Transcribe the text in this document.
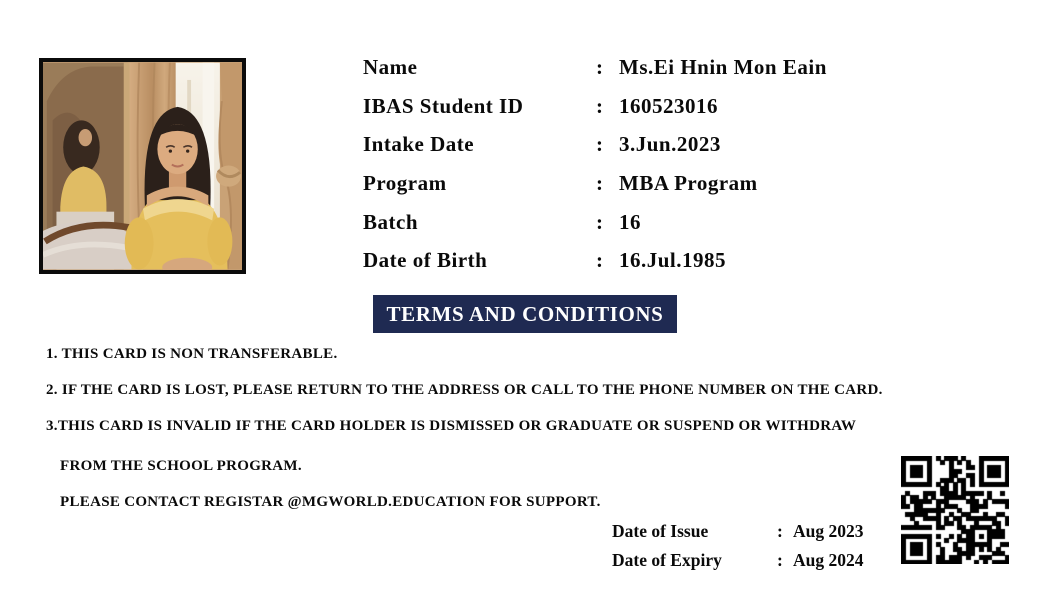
Name	: Ms.Ei Hnin Mon Eain
IBAS Student ID	: 160523016
Intake Date	: 3.Jun.2023
Program	: MBA Program
Batch	: 16
Date of Birth	: 16.Jul.1985
TERMS AND CONDITIONS
1. THIS CARD IS NON TRANSFERABLE.
2. IF THE CARD IS LOST, PLEASE RETURN TO THE ADDRESS OR CALL TO THE PHONE NUMBER ON THE CARD.
3.THIS CARD IS INVALID IF THE CARD HOLDER IS DISMISSED OR GRADUATE OR SUSPEND OR WITHDRAW
FROM THE SCHOOL PROGRAM.
PLEASE CONTACT REGISTAR @MGWORLD.EDUCATION FOR SUPPORT.
Date of Issue	: Aug 2023
Date of Expiry	: Aug 2024
